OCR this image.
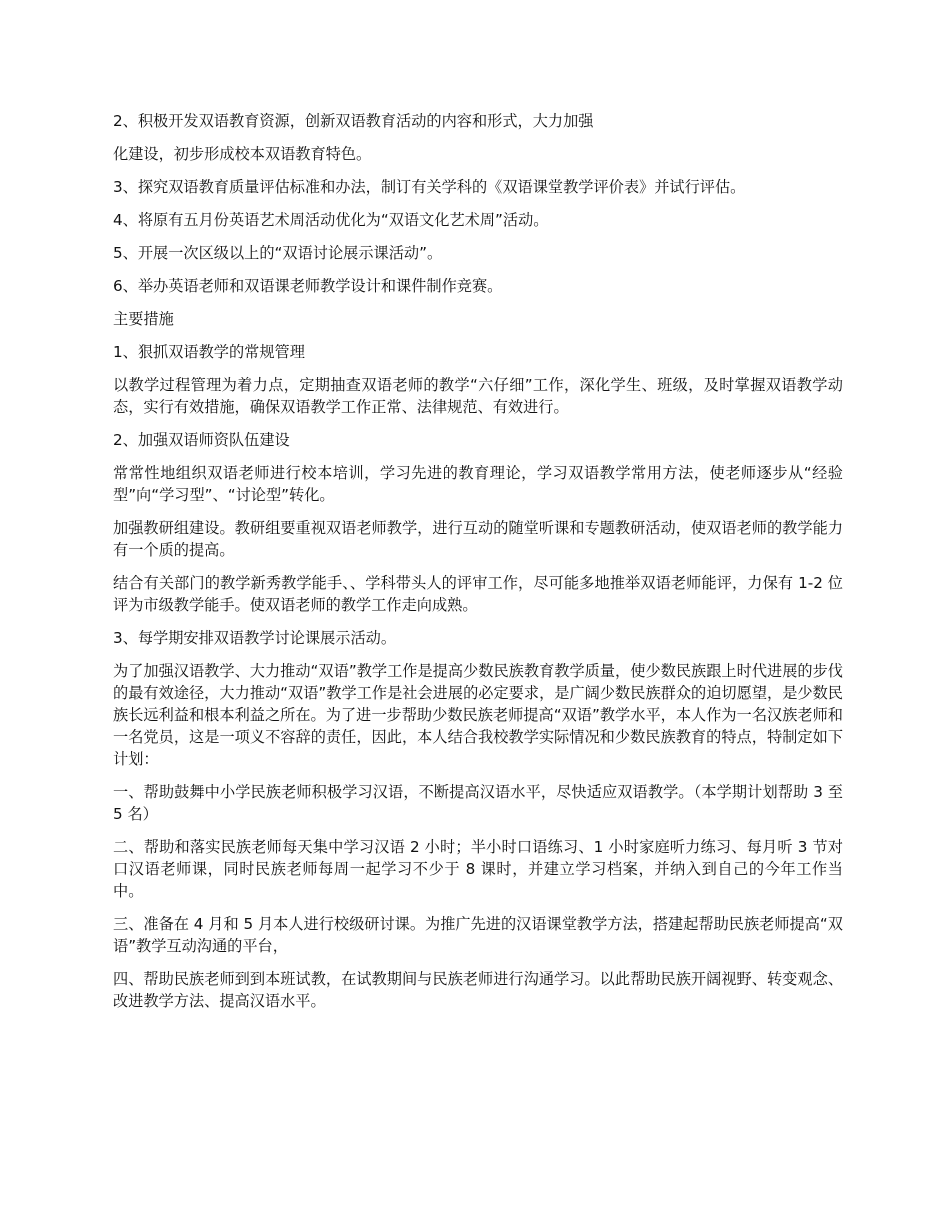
2、积极开发双语教育资源，创新双语教育活动的内容和形式，大力加强

化建设，初步形成校本双语教育特色。

3、探究双语教育质量评估标准和办法，制订有关学科的《双语课堂教学评价表》并试行评估。

4、将原有五月份英语艺术周活动优化为“双语文化艺术周”活动。

5、开展一次区级以上的“双语讨论展示课活动”。

6、举办英语老师和双语课老师教学设计和课件制作竞赛。

主要措施

1、狠抓双语教学的常规管理

以教学过程管理为着力点，定期抽查双语老师的教学“六仔细”工作，深化学生、班级，及时掌握双语教学动态，实行有效措施，确保双语教学工作正常、法律规范、有效进行。

2、加强双语师资队伍建设

常常性地组织双语老师进行校本培训，学习先进的教育理论，学习双语教学常用方法，使老师逐步从“经验型”向“学习型”、“讨论型”转化。

加强教研组建设。教研组要重视双语老师教学，进行互动的随堂听课和专题教研活动，使双语老师的教学能力有一个质的提高。

结合有关部门的教学新秀教学能手、、学科带头人的评审工作，尽可能多地推举双语老师能评，力保有 1-2 位评为市级教学能手。使双语老师的教学工作走向成熟。

3、每学期安排双语教学讨论课展示活动。

为了加强汉语教学、大力推动“双语”教学工作是提高少数民族教育教学质量，使少数民族跟上时代进展的步伐的最有效途径，大力推动“双语”教学工作是社会进展的必定要求，是广阔少数民族群众的迫切愿望，是少数民族长远利益和根本利益之所在。为了进一步帮助少数民族老师提高“双语”教学水平，本人作为一名汉族老师和一名党员，这是一项义不容辞的责任，因此，本人结合我校教学实际情况和少数民族教育的特点，特制定如下计划：

一、帮助鼓舞中小学民族老师积极学习汉语，不断提高汉语水平，尽快适应双语教学。（本学期计划帮助 3 至 5 名）

二、帮助和落实民族老师每天集中学习汉语 2 小时；半小时口语练习、1 小时家庭听力练习、每月听 3 节对口汉语老师课，同时民族老师每周一起学习不少于 8 课时，并建立学习档案，并纳入到自己的今年工作当中。

三、准备在 4 月和 5 月本人进行校级研讨课。为推广先进的汉语课堂教学方法，搭建起帮助民族老师提高“双语”教学互动沟通的平台，

四、帮助民族老师到到本班试教，在试教期间与民族老师进行沟通学习。以此帮助民族开阔视野、转变观念、改进教学方法、提高汉语水平。
